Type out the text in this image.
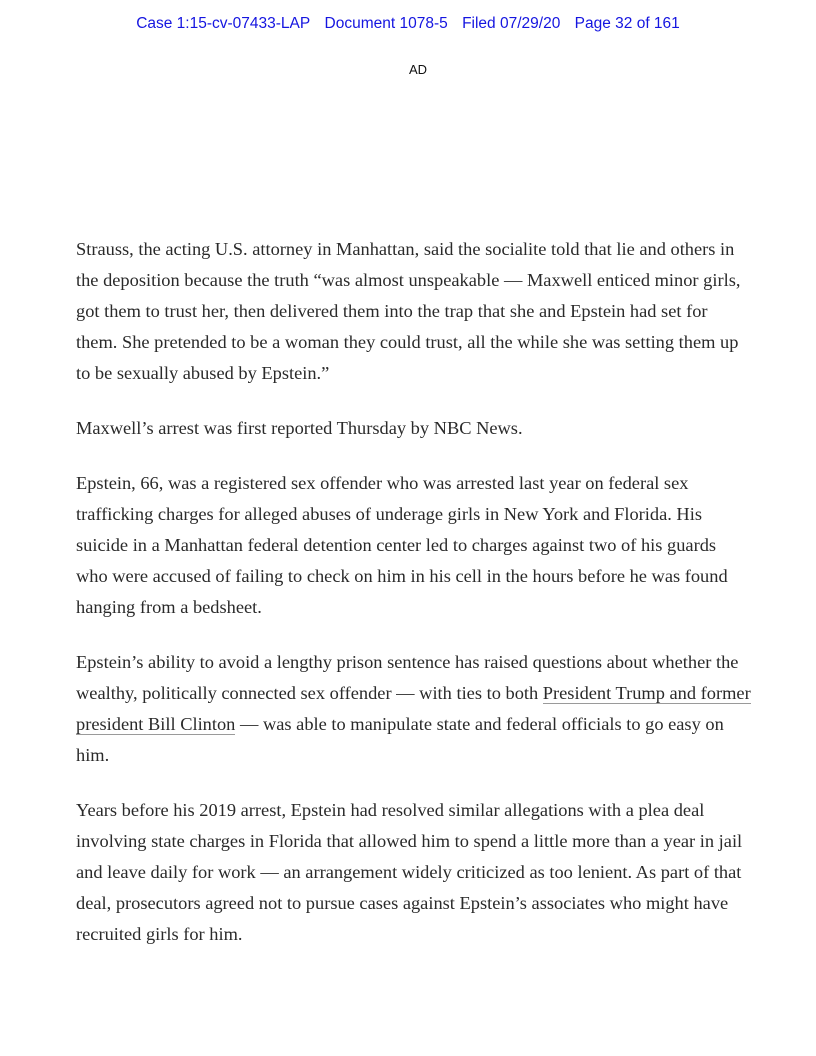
Case 1:15-cv-07433-LAP Document 1078-5 Filed 07/29/20 Page 32 of 161
AD

Strauss, the acting U.S. attorney in Manhattan, said the socialite told that lie and others in the deposition because the truth “was almost unspeakable — Maxwell enticed minor girls, got them to trust her, then delivered them into the trap that she and Epstein had set for them. She pretended to be a woman they could trust, all the while she was setting them up to be sexually abused by Epstein.”

Maxwell’s arrest was first reported Thursday by NBC News.

Epstein, 66, was a registered sex offender who was arrested last year on federal sex trafficking charges for alleged abuses of underage girls in New York and Florida. His suicide in a Manhattan federal detention center led to charges against two of his guards who were accused of failing to check on him in his cell in the hours before he was found hanging from a bedsheet.

Epstein’s ability to avoid a lengthy prison sentence has raised questions about whether the wealthy, politically connected sex offender — with ties to both President Trump and former president Bill Clinton — was able to manipulate state and federal officials to go easy on him.

Years before his 2019 arrest, Epstein had resolved similar allegations with a plea deal involving state charges in Florida that allowed him to spend a little more than a year in jail and leave daily for work — an arrangement widely criticized as too lenient. As part of that deal, prosecutors agreed not to pursue cases against Epstein’s associates who might have recruited girls for him.
